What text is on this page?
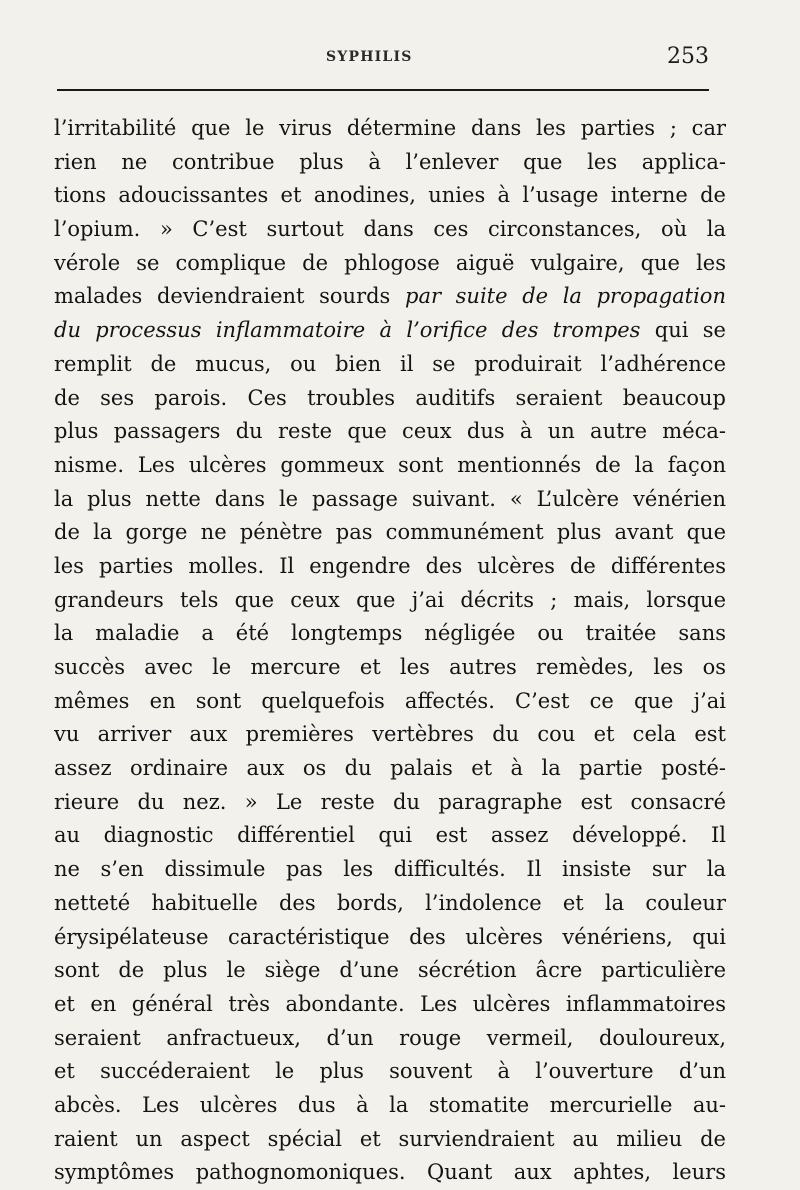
SYPHILIS	253
l’irritabilité que le virus détermine dans les parties ; car
rien ne contribue plus à l’enlever que les applica-
tions adoucissantes et anodines, unies à l’usage interne de
l’opium. » C’est surtout dans ces circonstances, où la
vérole se complique de phlogose aiguë vulgaire, que les
malades deviendraient sourds par suite de la propagation
du processus inflammatoire à l’orifice des trompes qui se
remplit de mucus, ou bien il se produirait l’adhérence
de ses parois. Ces troubles auditifs seraient beaucoup
plus passagers du reste que ceux dus à un autre méca-
nisme. Les ulcères gommeux sont mentionnés de la façon
la plus nette dans le passage suivant. « L’ulcère vénérien
de la gorge ne pénètre pas communément plus avant que
les parties molles. Il engendre des ulcères de différentes
grandeurs tels que ceux que j’ai décrits ; mais, lorsque
la maladie a été longtemps négligée ou traitée sans
succès avec le mercure et les autres remèdes, les os
mêmes en sont quelquefois affectés. C’est ce que j’ai
vu arriver aux premières vertèbres du cou et cela est
assez ordinaire aux os du palais et à la partie posté-
rieure du nez. » Le reste du paragraphe est consacré
au diagnostic différentiel qui est assez développé. Il
ne s’en dissimule pas les difficultés. Il insiste sur la
netteté habituelle des bords, l’indolence et la couleur
érysipélateuse caractéristique des ulcères vénériens, qui
sont de plus le siège d’une sécrétion âcre particulière
et en général très abondante. Les ulcères inflammatoires
seraient anfractueux, d’un rouge vermeil, douloureux,
et succéderaient le plus souvent à l’ouverture d’un
abcès. Les ulcères dus à la stomatite mercurielle au-
raient un aspect spécial et surviendraient au milieu de
symptômes pathognomoniques. Quant aux aphtes, leurs
